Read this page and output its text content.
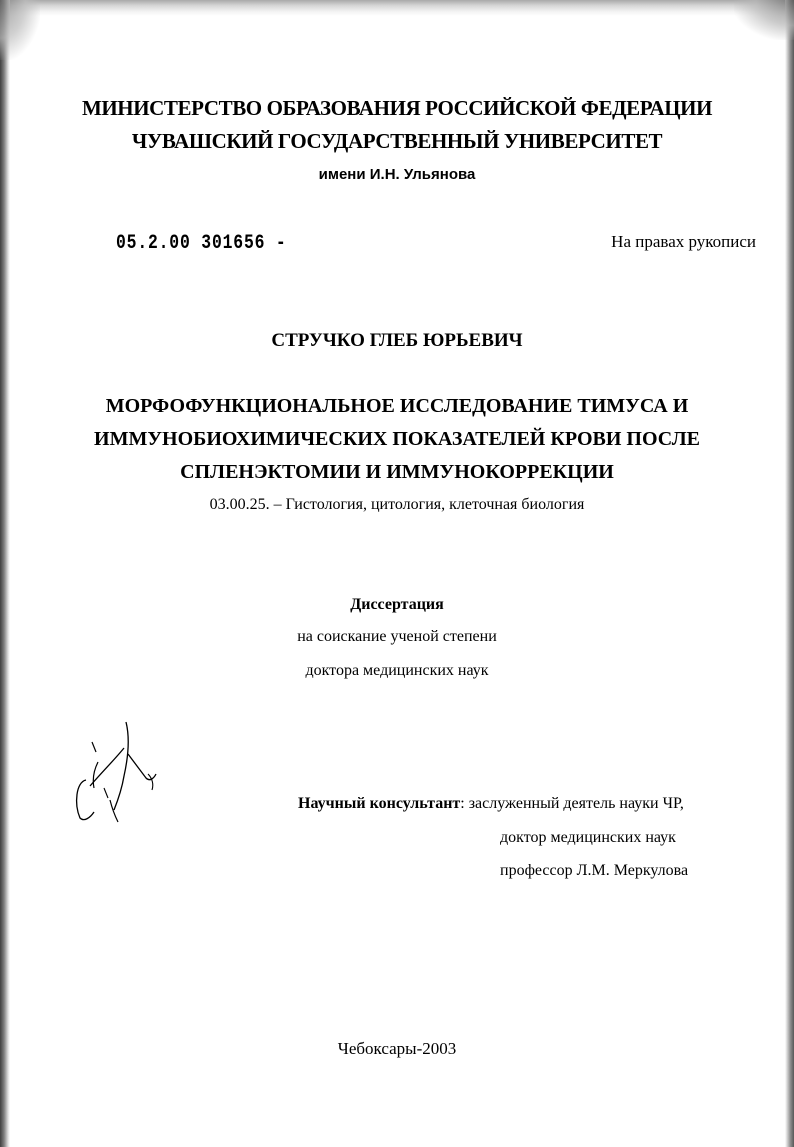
МИНИСТЕРСТВО ОБРАЗОВАНИЯ РОССИЙСКОЙ ФЕДЕРАЦИИ
ЧУВАШСКИЙ ГОСУДАРСТВЕННЫЙ УНИВЕРСИТЕТ
имени И.Н. Ульянова
05.2.00 301656 -	На правах рукописи
СТРУЧКО ГЛЕБ ЮРЬЕВИЧ
МОРФОФУНКЦИОНАЛЬНОЕ ИССЛЕДОВАНИЕ ТИМУСА И
ИММУНОБИОХИМИЧЕСКИХ ПОКАЗАТЕЛЕЙ КРОВИ ПОСЛЕ
СПЛЕНЭКТОМИИ И ИММУНОКОРРЕКЦИИ
03.00.25. – Гистология, цитология, клеточная биология
Диссертация
на соискание ученой степени
доктора медицинских наук
Научный консультант: заслуженный деятель науки ЧР,
доктор медицинских наук
профессор Л.М. Меркулова
Чебоксары-2003
